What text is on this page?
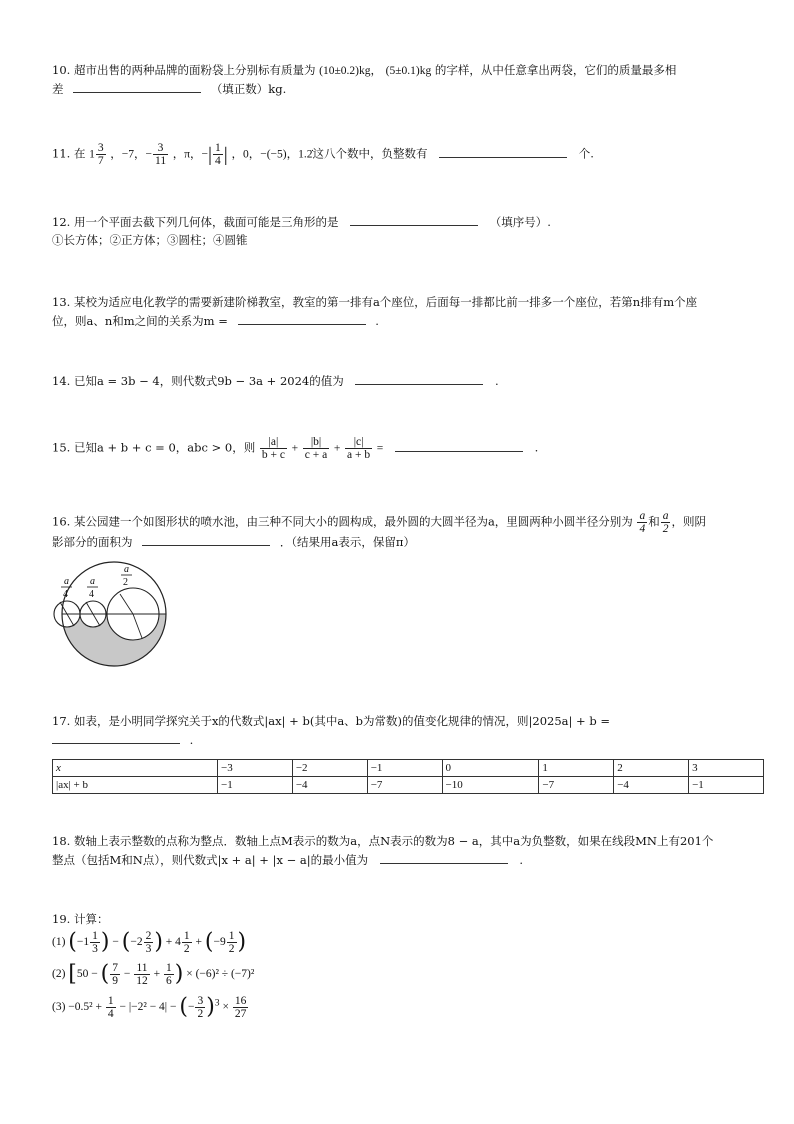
10. 超市出售的两种品牌的面粉袋上分别标有质量为 (10±0.2)kg， (5±0.1)kg 的字样，从中任意拿出两袋，它们的质量最多相
差	（填正数）kg.
11. 在 $1 \frac{3}{7}$ ，−7，− $\frac{3}{11}$ ，π，−| $\frac{1}{4}$ | ，0，−(−5)，1.2̇这八个数中，负整数有	个.
12. 用一个平面去截下列几何体，截面可能是三角形的是	（填序号）.
①长方体；②正方体；③圆柱；④圆锥
13. 某校为适应电化教学的需要新建阶梯教室，教室的第一排有a个座位，后面每一排都比前一排多一个座位，若第n排有m个座
位，则a、n和m之间的关系为m =	.
14. 已知a = 3b − 4，则代数式9b − 3a + 2024的值为	.
15. 已知a + b + c = 0，abc > 0，则 $\frac{|a|}{b + c} + \frac{|b|}{c + a} + \frac{|c|}{a + b}$ =	.
16. 某公园建一个如图形状的喷水池，由三种不同大小的圆构成，最外圆的大圆半径为a，里圆两种小圆半径分别为 $\frac{a}{4}$ 和 $\frac{a}{2}$ ，则阴
影部分的面积为	．（结果用a表示，保留π）
a
4
a
4
a
2
17. 如表，是小明同学探究关于x的代数式|ax| + b(其中a、b为常数)的值变化规律的情况，则|2025a| + b =
.
x	−3	−2	−1	0	1	2	3
|ax| + b	−1	−4	−7	−10	−7	−4	−1
18. 数轴上表示整数的点称为整点．数轴上点M表示的数为a，点N表示的数为8 − a，其中a为负整数，如果在线段MN上有201个
整点（包括M和N点），则代数式|x + a| + |x − a|的最小值为	.
19. 计算：
(1) ($-1 \frac{1}{3}$ ) − ($-2 \frac{2}{3}$ ) + $4 \frac{1}{2} + (-9 \frac{1}{2}$ )
(2) [50 − ( $\frac{7}{9} - \frac{11}{12} + \frac{1}{6}$ ) × (−6)² ÷ (−7)²
$(3) -0.5^2 + \frac{1}{4} - |-2^2 - 4|$ − (− $\frac{3}{2} )^3 \times \frac{16}{27}$
